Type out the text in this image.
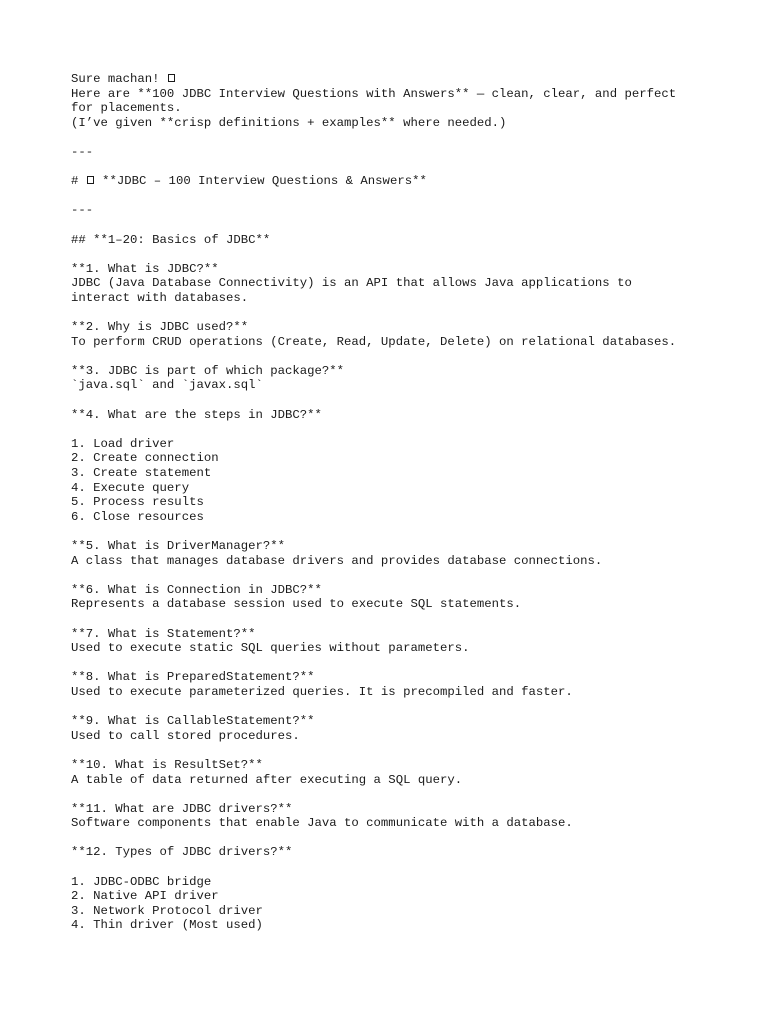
Sure machan!
Here are **100 JDBC Interview Questions with Answers** — clean, clear, and perfect
for placements.
(I’ve given **crisp definitions + examples** where needed.)
---
#  **JDBC – 100 Interview Questions & Answers**
---
## **1–20: Basics of JDBC**
**1. What is JDBC?**
JDBC (Java Database Connectivity) is an API that allows Java applications to
interact with databases.
**2. Why is JDBC used?**
To perform CRUD operations (Create, Read, Update, Delete) on relational databases.
**3. JDBC is part of which package?**
`java.sql` and `javax.sql`
**4. What are the steps in JDBC?**
1. Load driver
2. Create connection
3. Create statement
4. Execute query
5. Process results
6. Close resources
**5. What is DriverManager?**
A class that manages database drivers and provides database connections.
**6. What is Connection in JDBC?**
Represents a database session used to execute SQL statements.
**7. What is Statement?**
Used to execute static SQL queries without parameters.
**8. What is PreparedStatement?**
Used to execute parameterized queries. It is precompiled and faster.
**9. What is CallableStatement?**
Used to call stored procedures.
**10. What is ResultSet?**
A table of data returned after executing a SQL query.
**11. What are JDBC drivers?**
Software components that enable Java to communicate with a database.
**12. Types of JDBC drivers?**
1. JDBC-ODBC bridge
2. Native API driver
3. Network Protocol driver
4. Thin driver (Most used)
